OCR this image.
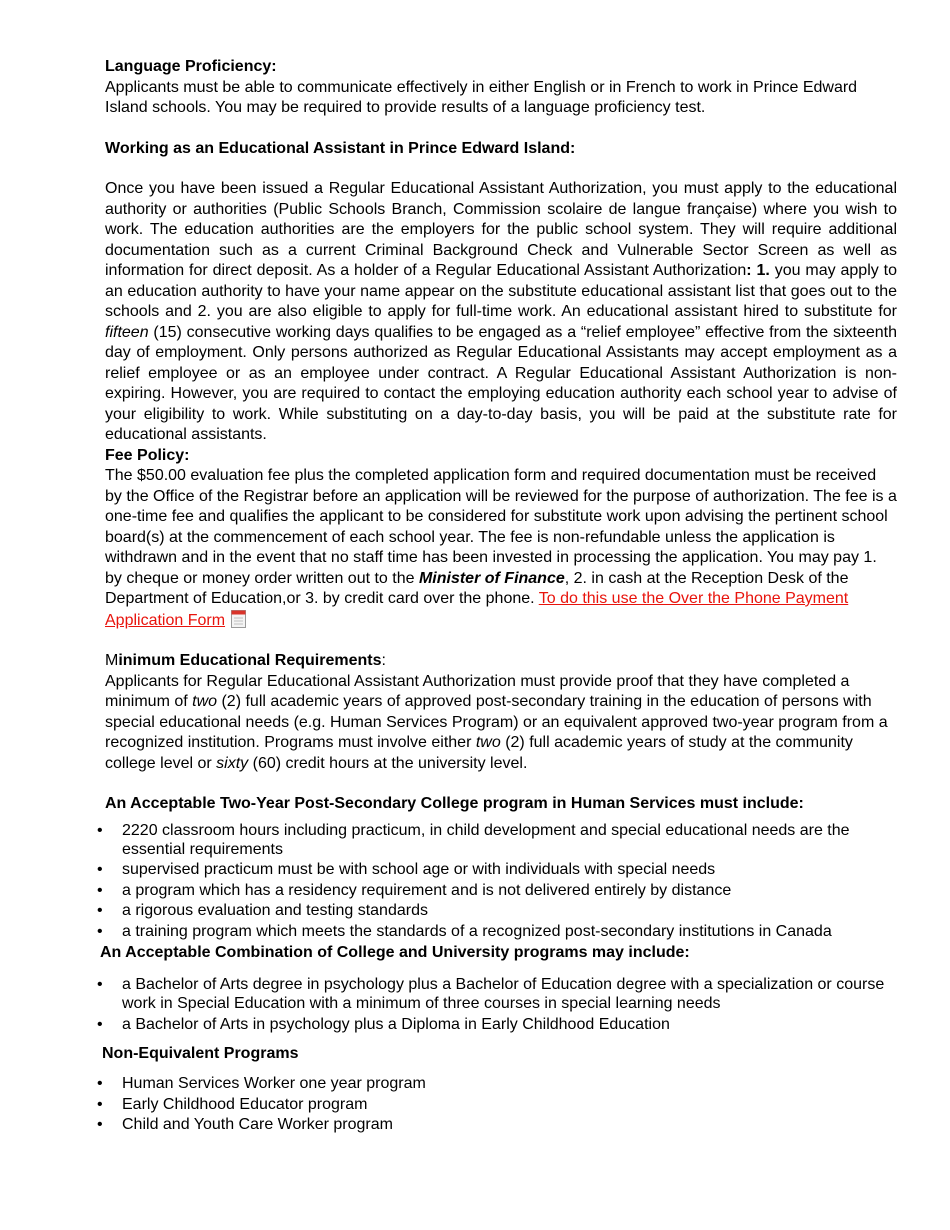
Language Proficiency:

Applicants must be able to communicate effectively in either English or in French to work in Prince Edward Island schools. You may be required to provide results of a language proficiency test.

Working as an Educational Assistant in Prince Edward Island:

Once you have been issued a Regular Educational Assistant Authorization, you must apply to the educational authority or authorities (Public Schools Branch, Commission scolaire de langue française) where you wish to work. The education authorities are the employers for the public school system. They will require additional documentation such as a current Criminal Background Check and Vulnerable Sector Screen as well as information for direct deposit. As a holder of a Regular Educational Assistant Authorization: 1. you may apply to an education authority to have your name appear on the substitute educational assistant list that goes out to the schools and 2. you are also eligible to apply for full-time work. An educational assistant hired to substitute for fifteen (15) consecutive working days qualifies to be engaged as a “relief employee” effective from the sixteenth day of employment. Only persons authorized as Regular Educational Assistants may accept employment as a relief employee or as an employee under contract. A Regular Educational Assistant Authorization is non-expiring. However, you are required to contact the employing education authority each school year to advise of your eligibility to work. While substituting on a day-to-day basis, you will be paid at the substitute rate for educational assistants.

Fee Policy:

The $50.00 evaluation fee plus the completed application form and required documentation must be received by the Office of the Registrar before an application will be reviewed for the purpose of authorization. The fee is a one-time fee and qualifies the applicant to be considered for substitute work upon advising the pertinent school board(s) at the commencement of each school year. The fee is non-refundable unless the application is withdrawn and in the event that no staff time has been invested in processing the application. You may pay 1. by cheque or money order written out to the Minister of Finance, 2. in cash at the Reception Desk of the Department of Education,or 3. by credit card over the phone. To do this use the Over the Phone Payment Application Form

Minimum Educational Requirements:

Applicants for Regular Educational Assistant Authorization must provide proof that they have completed a minimum of two (2) full academic years of approved post-secondary training in the education of persons with special educational needs (e.g. Human Services Program) or an equivalent approved two-year program from a recognized institution. Programs must involve either two (2) full academic years of study at the community college level or sixty (60) credit hours at the university level.

An Acceptable Two-Year Post-Secondary College program in Human Services must include:
• 2220 classroom hours including practicum, in child development and special educational needs are the essential requirements
• supervised practicum must be with school age or with individuals with special needs
• a program which has a residency requirement and is not delivered entirely by distance
• a rigorous evaluation and testing standards
• a training program which meets the standards of a recognized post-secondary institutions in Canada
An Acceptable Combination of College and University programs may include:
• a Bachelor of Arts degree in psychology plus a Bachelor of Education degree with a specialization or course work in Special Education with a minimum of three courses in special learning needs
• a Bachelor of Arts in psychology plus a Diploma in Early Childhood Education
Non-Equivalent Programs
• Human Services Worker one year program
• Early Childhood Educator program
• Child and Youth Care Worker program
